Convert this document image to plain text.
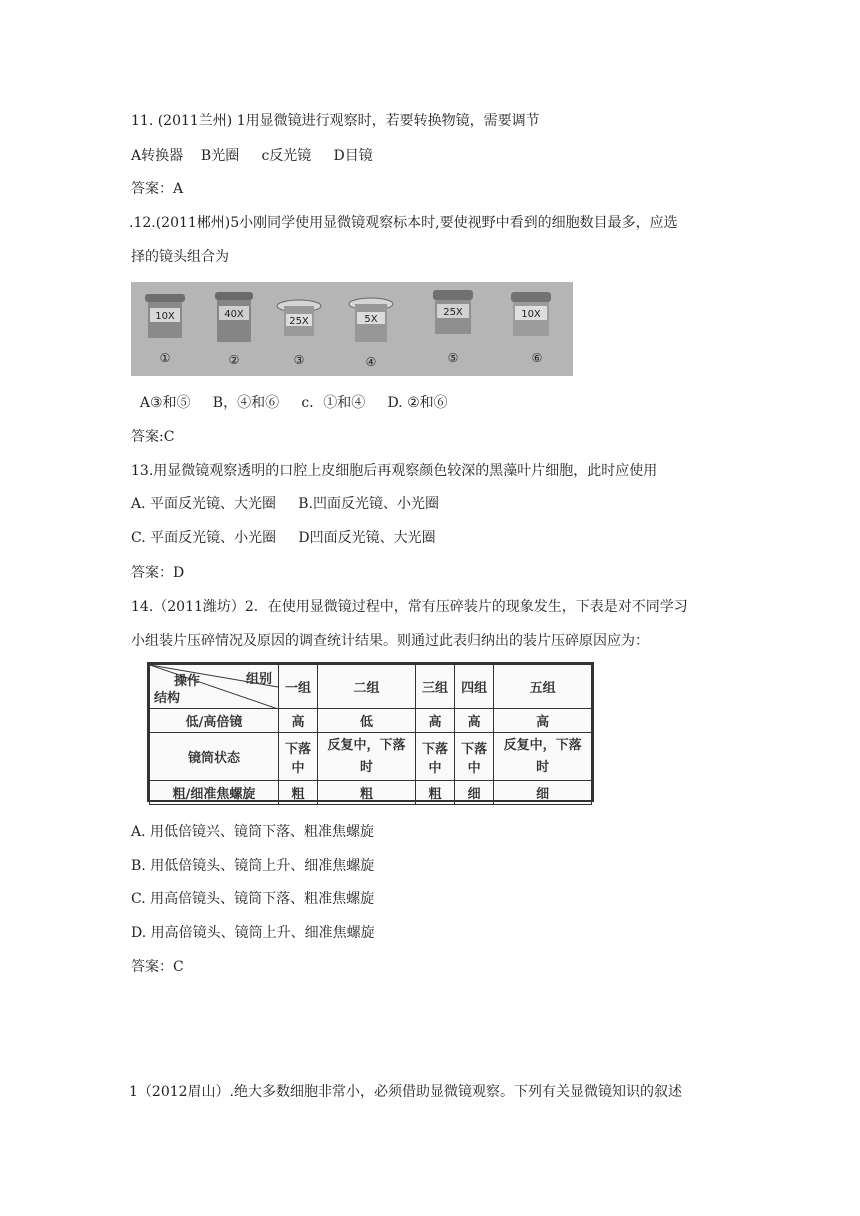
11. (2011兰州) 1用显微镜进行观察时，若要转换物镜，需要调节
A转换器    B光圈     c反光镜     D目镜
答案：A
.12.(2011郴州)5小刚同学使用显微镜观察标本时,要使视野中看到的细胞数目最多，应选
择的镜头组合为
10X
①
40X
②
25X
③
5X
④
25X
⑤
10X
⑥
A③和⑤     B，④和⑥     c．①和④     D. ②和⑥
答案:C
13.用显微镜观察透明的口腔上皮细胞后再观察颜色较深的黑藻叶片细胞，此时应使用
A. 平面反光镜、大光圈     B.凹面反光镜、小光圈
C. 平面反光镜、小光圈     D凹面反光镜、大光圈
答案：D
14.（2011潍坊）2．在使用显微镜过程中，常有压碎装片的现象发生，下表是对不同学习
小组装片压碎情况及原因的调查统计结果。则通过此表归纳出的装片压碎原因应为：
组别
操作
结构	一组	二组	三组	四组	五组
低/高倍镜	高	低	高	高	高
镜筒状态	下落中	反复中，下落时	下落中	下落中	反复中，下落时
粗/细准焦螺旋	粗	粗	粗	细	细
A. 用低倍镜兴、镜筒下落、粗准焦螺旋
B. 用低倍镜头、镜筒上升、细准焦螺旋
C. 用高倍镜头、镜筒下落、粗准焦螺旋
D. 用高倍镜头、镜筒上升、细准焦螺旋
答案：C
1（2012眉山）.绝大多数细胞非常小，必须借助显微镜观察。下列有关显微镜知识的叙述
